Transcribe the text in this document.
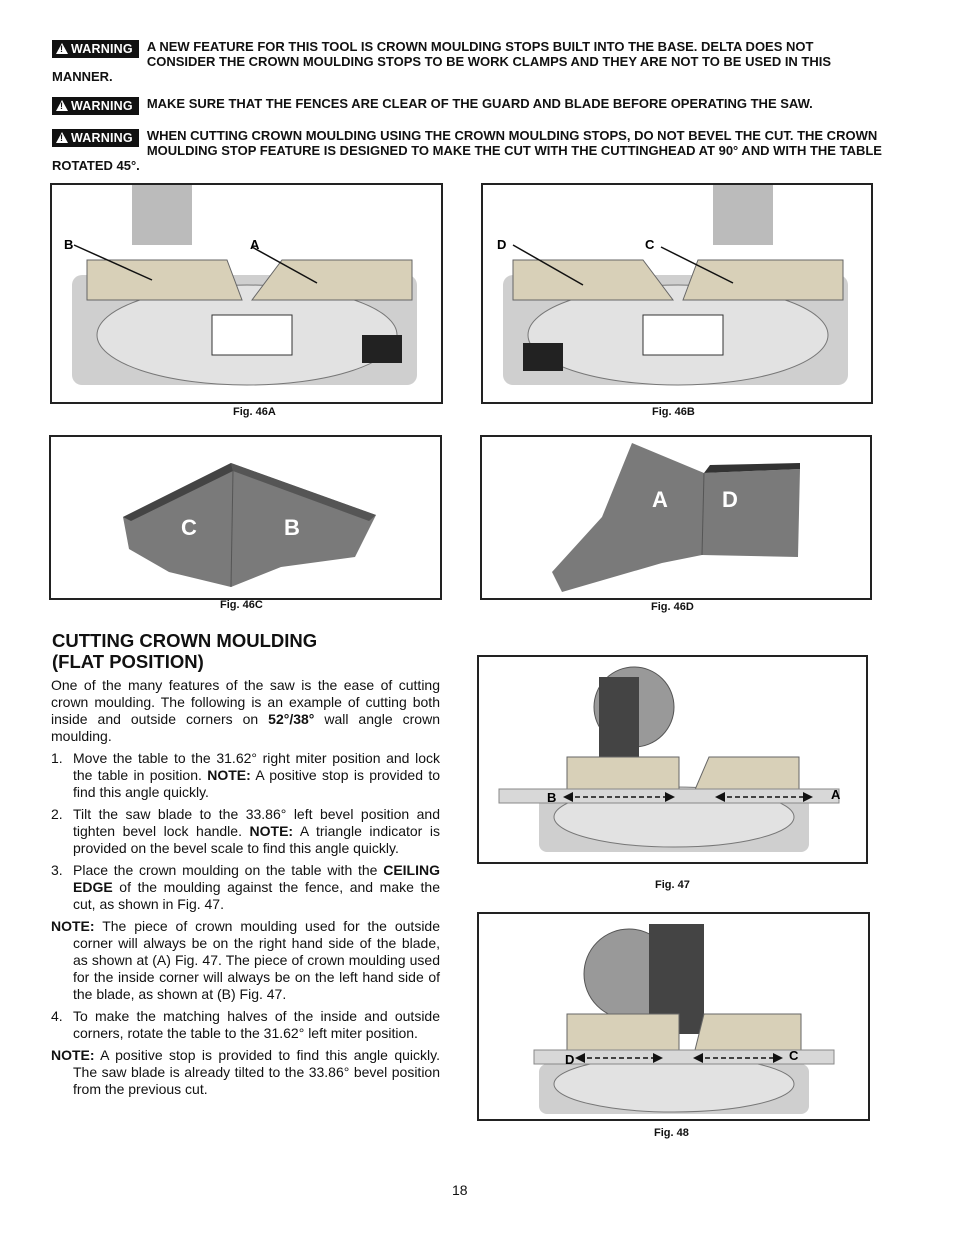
!WARNING	A NEW FEATURE FOR THIS TOOL IS CROWN MOULDING STOPS BUILT INTO THE BASE. DELTA DOES NOT CONSIDER THE CROWN MOULDING STOPS TO BE WORK CLAMPS AND THEY ARE NOT TO BE USED IN THIS MANNER.
!WARNING	MAKE SURE THAT THE FENCES ARE CLEAR OF THE GUARD AND BLADE BEFORE OPERATING THE SAW.
!WARNING	WHEN CUTTING CROWN MOULDING USING THE CROWN MOULDING STOPS, DO NOT BEVEL THE CUT. THE CROWN MOULDING STOP FEATURE IS DESIGNED TO MAKE THE CUT WITH THE CUTTINGHEAD AT 90° AND WITH THE TABLE ROTATED 45°.
B	A
Fig. 46A
D	C
Fig. 46B
C	B
Fig. 46C
A D
Fig. 46D
CUTTING CROWN MOULDING
(FLAT POSITION)

One of the many features of the saw is the ease of cutting crown moulding. The following is an example of cutting both inside and outside corners on 52°/38° wall angle crown moulding.

1. Move the table to the 31.62° right miter position and lock the table in position. NOTE: A positive stop is provided to find this angle quickly.
2. Tilt the saw blade to the 33.86° left bevel position and tighten bevel lock handle. NOTE: A triangle indicator is provided on the bevel scale to find this angle quickly.
3. Place the crown moulding on the table with the CEILING EDGE of the moulding against the fence, and make the cut, as shown in Fig. 47.
NOTE: The piece of crown moulding used for the outside corner will always be on the right hand side of the blade, as shown at (A) Fig. 47. The piece of crown moulding used for the inside corner will always be on the left hand side of the blade, as shown at (B) Fig. 47.
4. To make the matching halves of the inside and outside corners, rotate the table to the 31.62° left miter position.
NOTE: A positive stop is provided to find this angle quickly. The saw blade is already tilted to the 33.86° bevel position from the previous cut.
B	A
Fig. 47
D	C
Fig. 48
18
